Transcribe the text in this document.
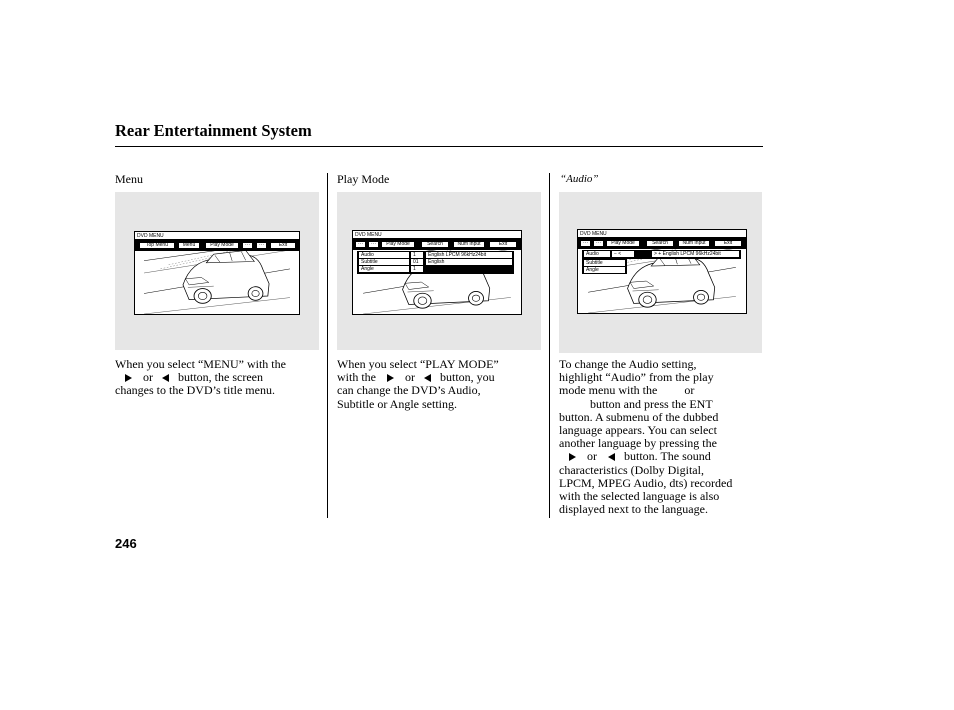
Rear Entertainment System
Menu	Play Mode	“Audio”
DVD MENU
Top Menu	Menu	Play Mode	···	···	Exit
DVD MENU
···	···	Play Mode	Search	Num Input	Exit
Audio	1	English LPCM 96kHz24bit
Subtitle	01	English
Angle	1
DVD MENU
···	···	Play Mode	Search	Num Input	Exit
Audio	− <	> + English LPCM 96kHz24bit
Subtitle
Angle
When you select “MENU” with the
or button, the screen
changes to the DVD’s title menu.
When you select “PLAY MODE”
with the or button, you
can change the DVD’s Audio,
Subtitle or Angle setting.
To change the Audio setting,
highlight “Audio” from the play
mode menu with the or
button and press the ENT
button. A submenu of the dubbed
language appears. You can select
another language by pressing the
or button. The sound
characteristics (Dolby Digital,
LPCM, MPEG Audio, dts) recorded
with the selected language is also
displayed next to the language.
246
